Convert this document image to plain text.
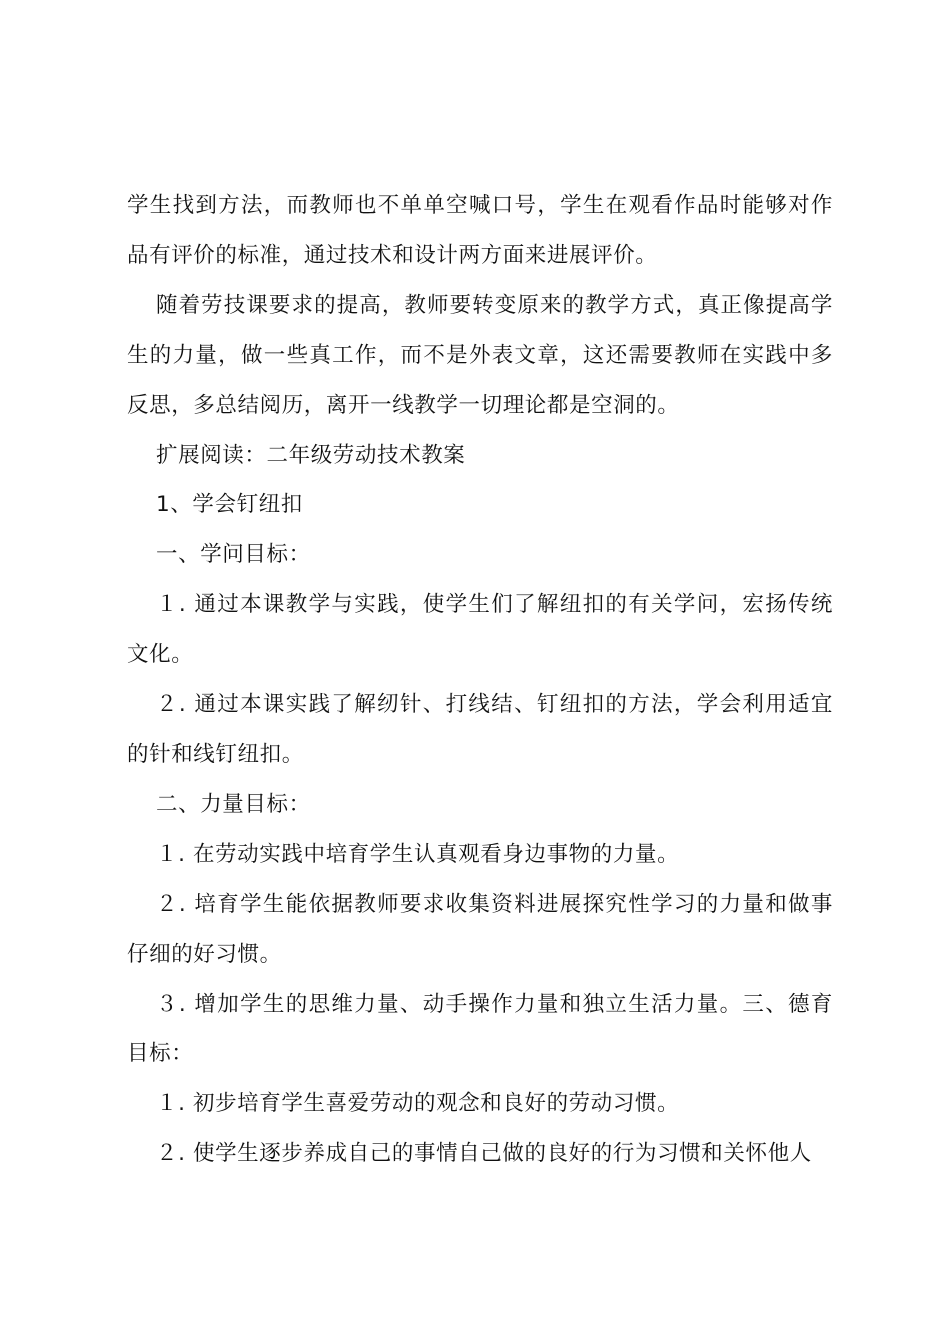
学生找到方法，而教师也不单单空喊口号，学生在观看作品时能够对作品有评价的标准，通过技术和设计两方面来进展评价。

随着劳技课要求的提高，教师要转变原来的教学方式，真正像提高学生的力量，做一些真工作，而不是外表文章，这还需要教师在实践中多反思，多总结阅历，离开一线教学一切理论都是空洞的。

扩展阅读：二年级劳动技术教案

1、学会钉纽扣

一、学问目标：

１. 通过本课教学与实践，使学生们了解纽扣的有关学问，宏扬传统文化。

２. 通过本课实践了解纫针、打线结、钉纽扣的方法，学会利用适宜的针和线钉纽扣。

二、力量目标：

１. 在劳动实践中培育学生认真观看身边事物的力量。

２. 培育学生能依据教师要求收集资料进展探究性学习的力量和做事仔细的好习惯。

３. 增加学生的思维力量、动手操作力量和独立生活力量。三、德育目标：

１. 初步培育学生喜爱劳动的观念和良好的劳动习惯。

２. 使学生逐步养成自己的事情自己做的良好的行为习惯和关怀他人
